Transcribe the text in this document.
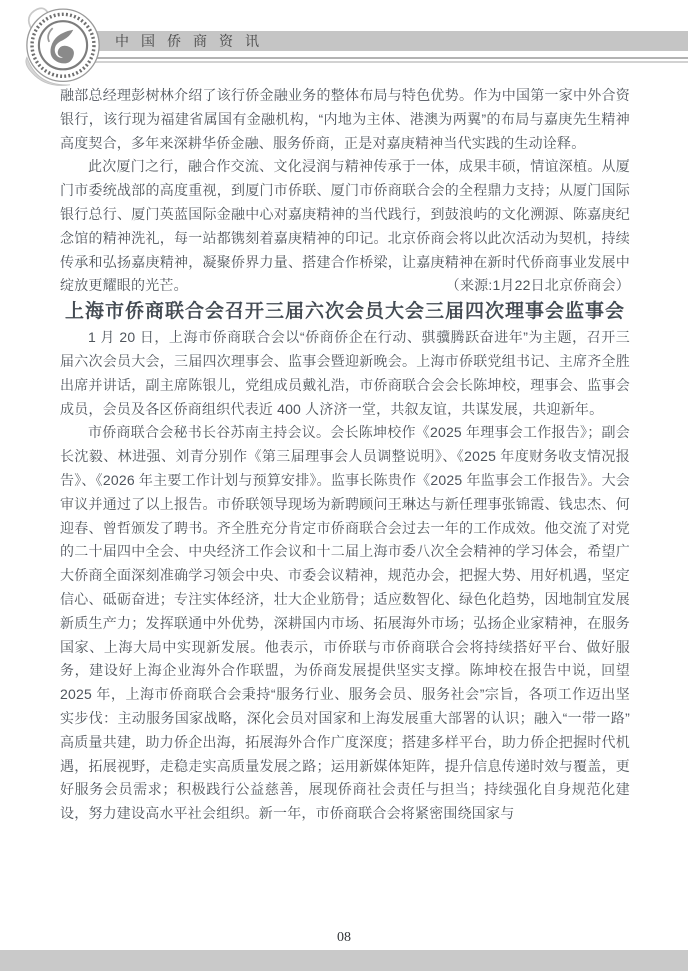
中国侨商资讯

融部总经理彭树林介绍了该行侨金融业务的整体布局与特色优势。作为中国第一家中外合资银行，该行现为福建省属国有金融机构，“内地为主体、港澳为两翼”的布局与嘉庚先生精神高度契合，多年来深耕华侨金融、服务侨商，正是对嘉庚精神当代实践的生动诠释。

此次厦门之行，融合作交流、文化浸润与精神传承于一体，成果丰硕，情谊深植。从厦门市委统战部的高度重视，到厦门市侨联、厦门市侨商联合会的全程鼎力支持；从厦门国际银行总行、厦门英蓝国际金融中心对嘉庚精神的当代践行，到鼓浪屿的文化溯源、陈嘉庚纪念馆的精神洗礼，每一站都镌刻着嘉庚精神的印记。北京侨商会将以此次活动为契机，持续传承和弘扬嘉庚精神，凝聚侨界力量、搭建合作桥梁，让嘉庚精神在新时代侨商事业发展中绽放更耀眼的光芒。	（来源:1月22日北京侨商会）

上海市侨商联合会召开三届六次会员大会三届四次理事会监事会

1 月 20 日，上海市侨商联合会以“侨商侨企在行动、骐骥腾跃奋进年”为主题，召开三届六次会员大会，三届四次理事会、监事会暨迎新晚会。上海市侨联党组书记、主席齐全胜出席并讲话，副主席陈银儿，党组成员戴礼浩，市侨商联合会会长陈坤校，理事会、监事会成员，会员及各区侨商组织代表近 400 人济济一堂，共叙友谊，共谋发展，共迎新年。

市侨商联合会秘书长谷苏南主持会议。会长陈坤校作《2025 年理事会工作报告》；副会长沈毅、林进强、刘青分别作《第三届理事会人员调整说明》、《2025 年度财务收支情况报告》、《2026 年主要工作计划与预算安排》。监事长陈贵作《2025 年监事会工作报告》。大会审议并通过了以上报告。市侨联领导现场为新聘顾问王琳达与新任理事张锦霞、钱忠杰、何迎春、曾哲颁发了聘书。齐全胜充分肯定市侨商联合会过去一年的工作成效。他交流了对党的二十届四中全会、中央经济工作会议和十二届上海市委八次全会精神的学习体会，希望广大侨商全面深刻准确学习领会中央、市委会议精神，规范办会，把握大势、用好机遇，坚定信心、砥砺奋进；专注实体经济，壮大企业筋骨；适应数智化、绿色化趋势，因地制宜发展新质生产力；发挥联通中外优势，深耕国内市场、拓展海外市场；弘扬企业家精神，在服务国家、上海大局中实现新发展。他表示，市侨联与市侨商联合会将持续搭好平台、做好服务，建设好上海企业海外合作联盟，为侨商发展提供坚实支撑。陈坤校在报告中说，回望 2025 年，上海市侨商联合会秉持“服务行业、服务会员、服务社会”宗旨，各项工作迈出坚实步伐：主动服务国家战略，深化会员对国家和上海发展重大部署的认识；融入“一带一路”高质量共建，助力侨企出海，拓展海外合作广度深度；搭建多样平台，助力侨企把握时代机遇，拓展视野，走稳走实高质量发展之路；运用新媒体矩阵，提升信息传递时效与覆盖，更好服务会员需求；积极践行公益慈善，展现侨商社会责任与担当；持续强化自身规范化建设，努力建设高水平社会组织。新一年，市侨商联合会将紧密围绕国家与

08
